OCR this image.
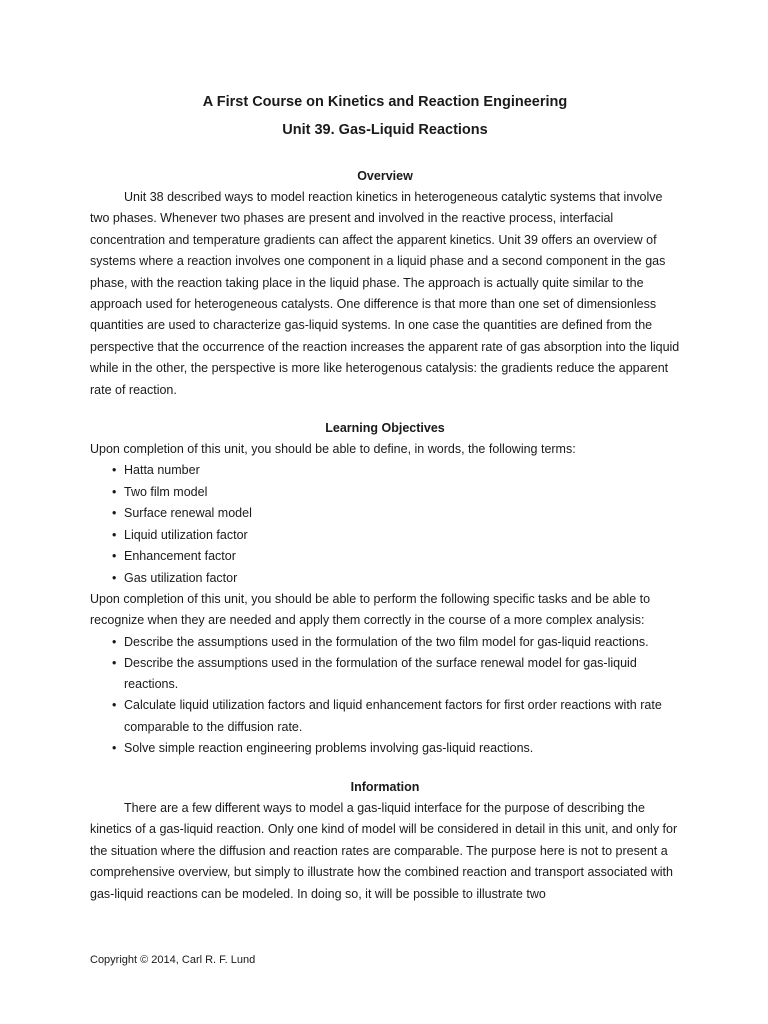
A First Course on Kinetics and Reaction Engineering
Unit 39. Gas-Liquid Reactions
Overview

Unit 38 described ways to model reaction kinetics in heterogeneous catalytic systems that involve two phases. Whenever two phases are present and involved in the reactive process, interfacial concentration and temperature gradients can affect the apparent kinetics. Unit 39 offers an overview of systems where a reaction involves one component in a liquid phase and a second component in the gas phase, with the reaction taking place in the liquid phase. The approach is actually quite similar to the approach used for heterogeneous catalysts. One difference is that more than one set of dimensionless quantities are used to characterize gas-liquid systems. In one case the quantities are defined from the perspective that the occurrence of the reaction increases the apparent rate of gas absorption into the liquid while in the other, the perspective is more like heterogenous catalysis: the gradients reduce the apparent rate of reaction.

Learning Objectives

Upon completion of this unit, you should be able to define, in words, the following terms:

• Hatta number
• Two film model
• Surface renewal model
• Liquid utilization factor
• Enhancement factor
• Gas utilization factor

Upon completion of this unit, you should be able to perform the following specific tasks and be able to recognize when they are needed and apply them correctly in the course of a more complex analysis:

• Describe the assumptions used in the formulation of the two film model for gas-liquid reactions.
• Describe the assumptions used in the formulation of the surface renewal model for gas-liquid reactions.
• Calculate liquid utilization factors and liquid enhancement factors for first order reactions with rate comparable to the diffusion rate.
• Solve simple reaction engineering problems involving gas-liquid reactions.
Information

There are a few different ways to model a gas-liquid interface for the purpose of describing the kinetics of a gas-liquid reaction. Only one kind of model will be considered in detail in this unit, and only for the situation where the diffusion and reaction rates are comparable. The purpose here is not to present a comprehensive overview, but simply to illustrate how the combined reaction and transport associated with gas-liquid reactions can be modeled. In doing so, it will be possible to illustrate two

Copyright © 2014, Carl R. F. Lund
